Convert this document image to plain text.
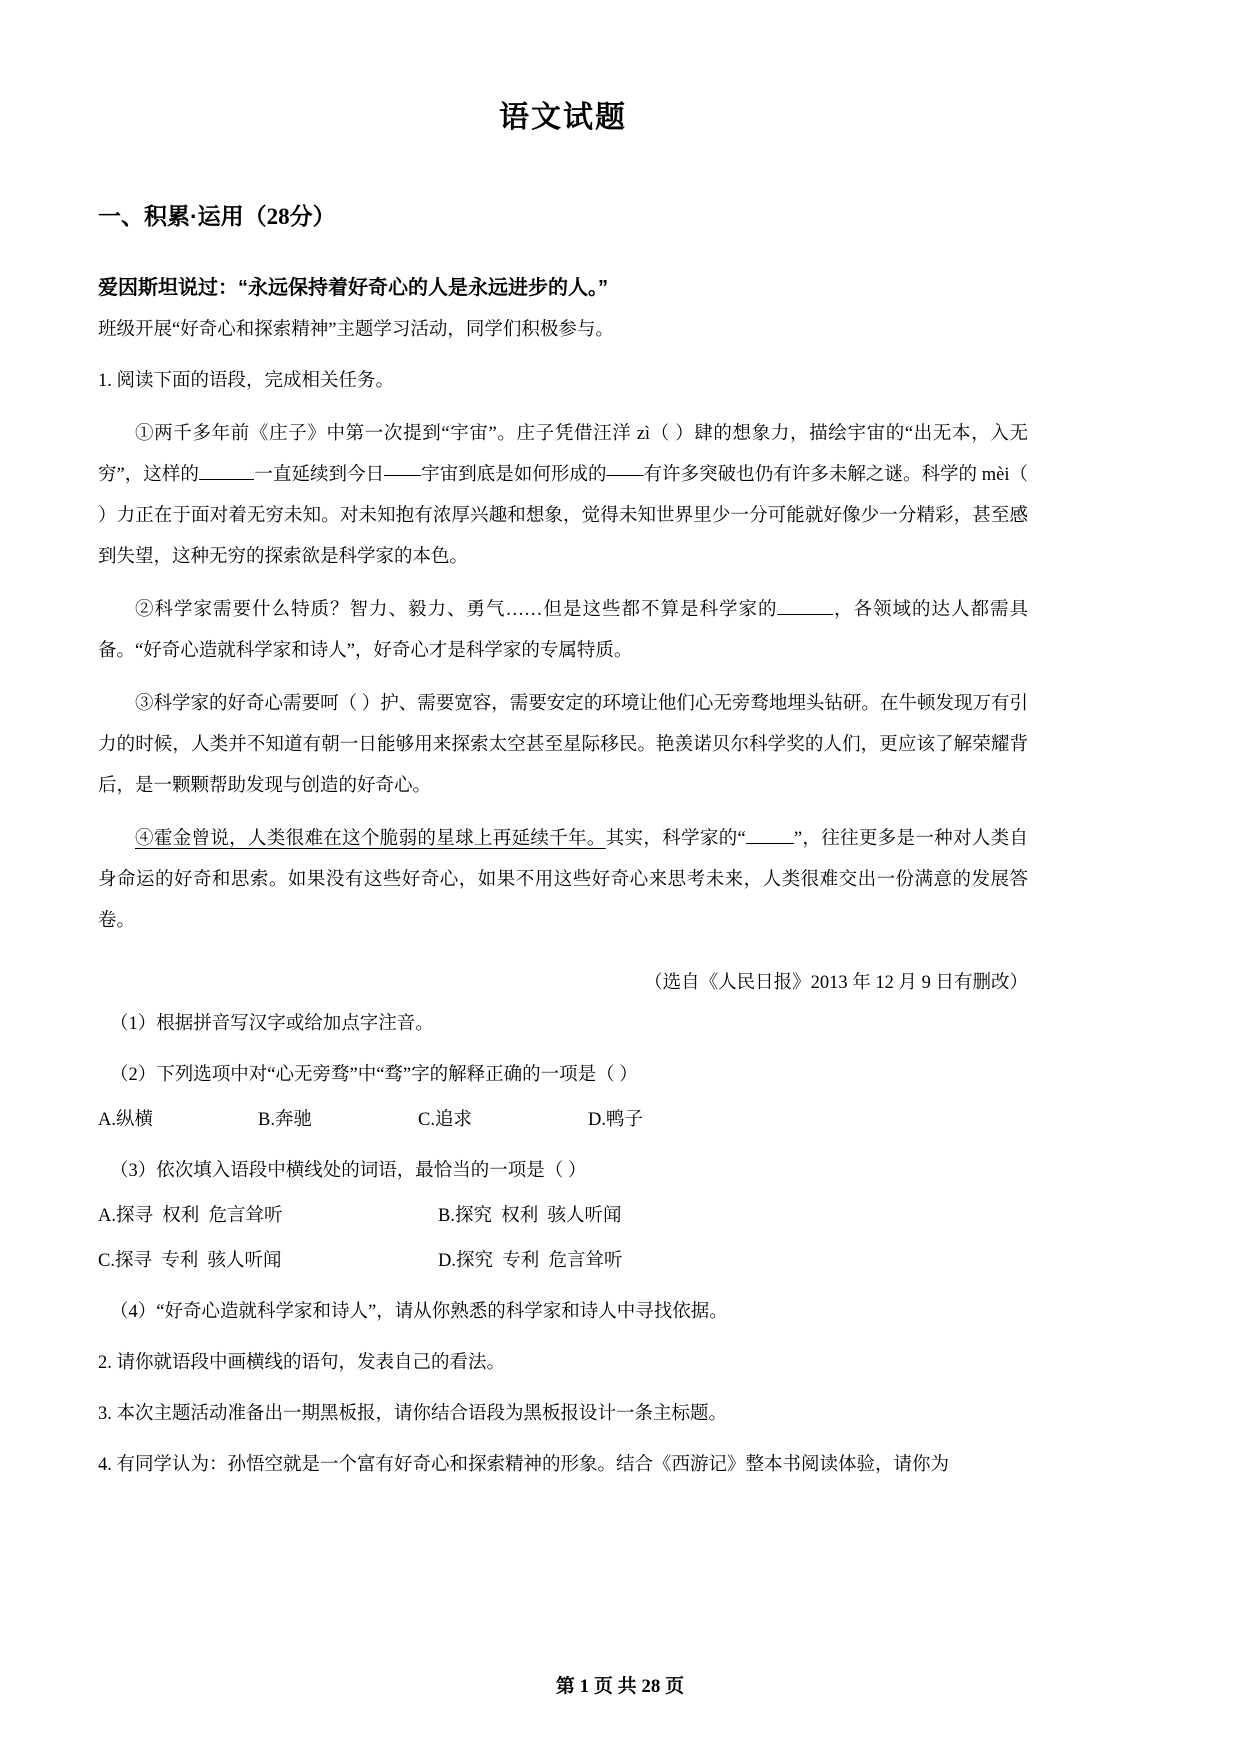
语文试题
一、积累·运用（28分）
爱因斯坦说过：“永远保持着好奇心的人是永远进步的人。”
班级开展“好奇心和探索精神”主题学习活动，同学们积极参与。
1. 阅读下面的语段，完成相关任务。
①两千多年前《庄子》中第一次提到“宇宙”。庄子凭借汪洋 zì（ ）肆的想象力，描绘宇宙的“出无本，入无穷”，这样的	一直延续到今日——宇宙到底是如何形成的——有许多突破也仍有许多未解之谜。科学的 mèi（ ）力正在于面对着无穷未知。对未知抱有浓厚兴趣和想象，觉得未知世界里少一分可能就好像少一分精彩，甚至感到失望，这种无穷的探索欲是科学家的本色。
②科学家需要什么特质？智力、毅力、勇气……但是这些都不算是科学家的	，各领域的达人都需具备。“好奇心造就科学家和诗人”，好奇心才是科学家的专属特质。
③科学家的好奇心需要呵（ ）护、需要宽容，需要安定的环境让他们心无旁骛地埋头钻研。在牛顿发现万有引力的时候，人类并不知道有朝一日能够用来探索太空甚至星际移民。艳羡诺贝尔科学奖的人们，更应该了解荣耀背后，是一颗颗帮助发现与创造的好奇心。
④霍金曾说，人类很难在这个脆弱的星球上再延续千年。其实，科学家的“	”，往往更多是一种对人类自身命运的好奇和思索。如果没有这些好奇心，如果不用这些好奇心来思考未来，人类很难交出一份满意的发展答卷。
（选自《人民日报》2013 年 12 月 9 日有删改）
（1）根据拼音写汉字或给加点字注音。
（2）下列选项中对“心无旁骛”中“骛”字的解释正确的一项是（ ）
A.纵横	B.奔驰	C.追求	D.鸭子
（3）依次填入语段中横线处的词语，最恰当的一项是（ ）
A.探寻  权利  危言耸听	B.探究  权利  骇人听闻
C.探寻  专利  骇人听闻	D.探究  专利  危言耸听
（4）“好奇心造就科学家和诗人”，请从你熟悉的科学家和诗人中寻找依据。
2. 请你就语段中画横线的语句，发表自己的看法。
3. 本次主题活动准备出一期黑板报，请你结合语段为黑板报设计一条主标题。
4. 有同学认为：孙悟空就是一个富有好奇心和探索精神的形象。结合《西游记》整本书阅读体验，请你为
第 1 页 共 28 页
